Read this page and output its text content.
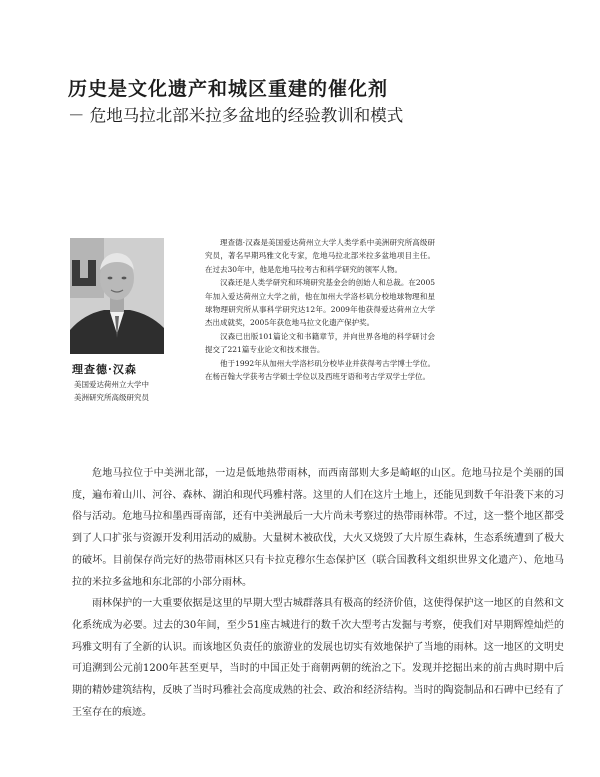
历史是文化遗产和城区重建的催化剂
－ 危地马拉北部米拉多盆地的经验教训和模式
理查德·汉森
美国爱达荷州立大学中
美洲研究所高级研究员

理查德·汉森是美国爱达荷州立大学人类学系中美洲研究所高级研究员，著名早期玛雅文化专家，危地马拉北部米拉多盆地项目主任。在过去30年中，他是危地马拉考古和科学研究的领军人物。

汉森还是人类学研究和环境研究基金会的创始人和总裁。在2005年加入爱达荷州立大学之前，他在加州大学洛杉矶分校地球物理和星球物理研究所从事科学研究达12年。2009年他获得爱达荷州立大学杰出成就奖，2005年获危地马拉文化遗产保护奖。

汉森已出版101篇论文和书籍章节，并向世界各地的科学研讨会提交了221篇专业论文和技术报告。

他于1992年从加州大学洛杉矶分校毕业并获得考古学博士学位。在杨百翰大学获考古学硕士学位以及西班牙语和考古学双学士学位。

危地马拉位于中美洲北部，一边是低地热带雨林，而西南部则大多是崎岖的山区。危地马拉是个美丽的国度，遍布着山川、河谷、森林、湖泊和现代玛雅村落。这里的人们在这片土地上，还能见到数千年沿袭下来的习俗与活动。危地马拉和墨西哥南部，还有中美洲最后一大片尚未考察过的热带雨林带。不过，这一整个地区都受到了人口扩张与资源开发利用活动的威胁。大量树木被砍伐，大火又烧毁了大片原生森林，生态系统遭到了极大的破坏。目前保存尚完好的热带雨林区只有卡拉克穆尔生态保护区（联合国教科文组织世界文化遗产）、危地马拉的米拉多盆地和东北部的小部分雨林。

雨林保护的一大重要依据是这里的早期大型古城群落具有极高的经济价值，这使得保护这一地区的自然和文化系统成为必要。过去的30年间，至少51座古城进行的数千次大型考古发掘与考察，使我们对早期辉煌灿烂的玛雅文明有了全新的认识。而该地区负责任的旅游业的发展也切实有效地保护了当地的雨林。这一地区的文明史可追溯到公元前1200年甚至更早，当时的中国正处于商朝两朝的统治之下。发现并挖掘出来的前古典时期中后期的精妙建筑结构，反映了当时玛雅社会高度成熟的社会、政治和经济结构。当时的陶瓷制品和石碑中已经有了王室存在的痕迹。
